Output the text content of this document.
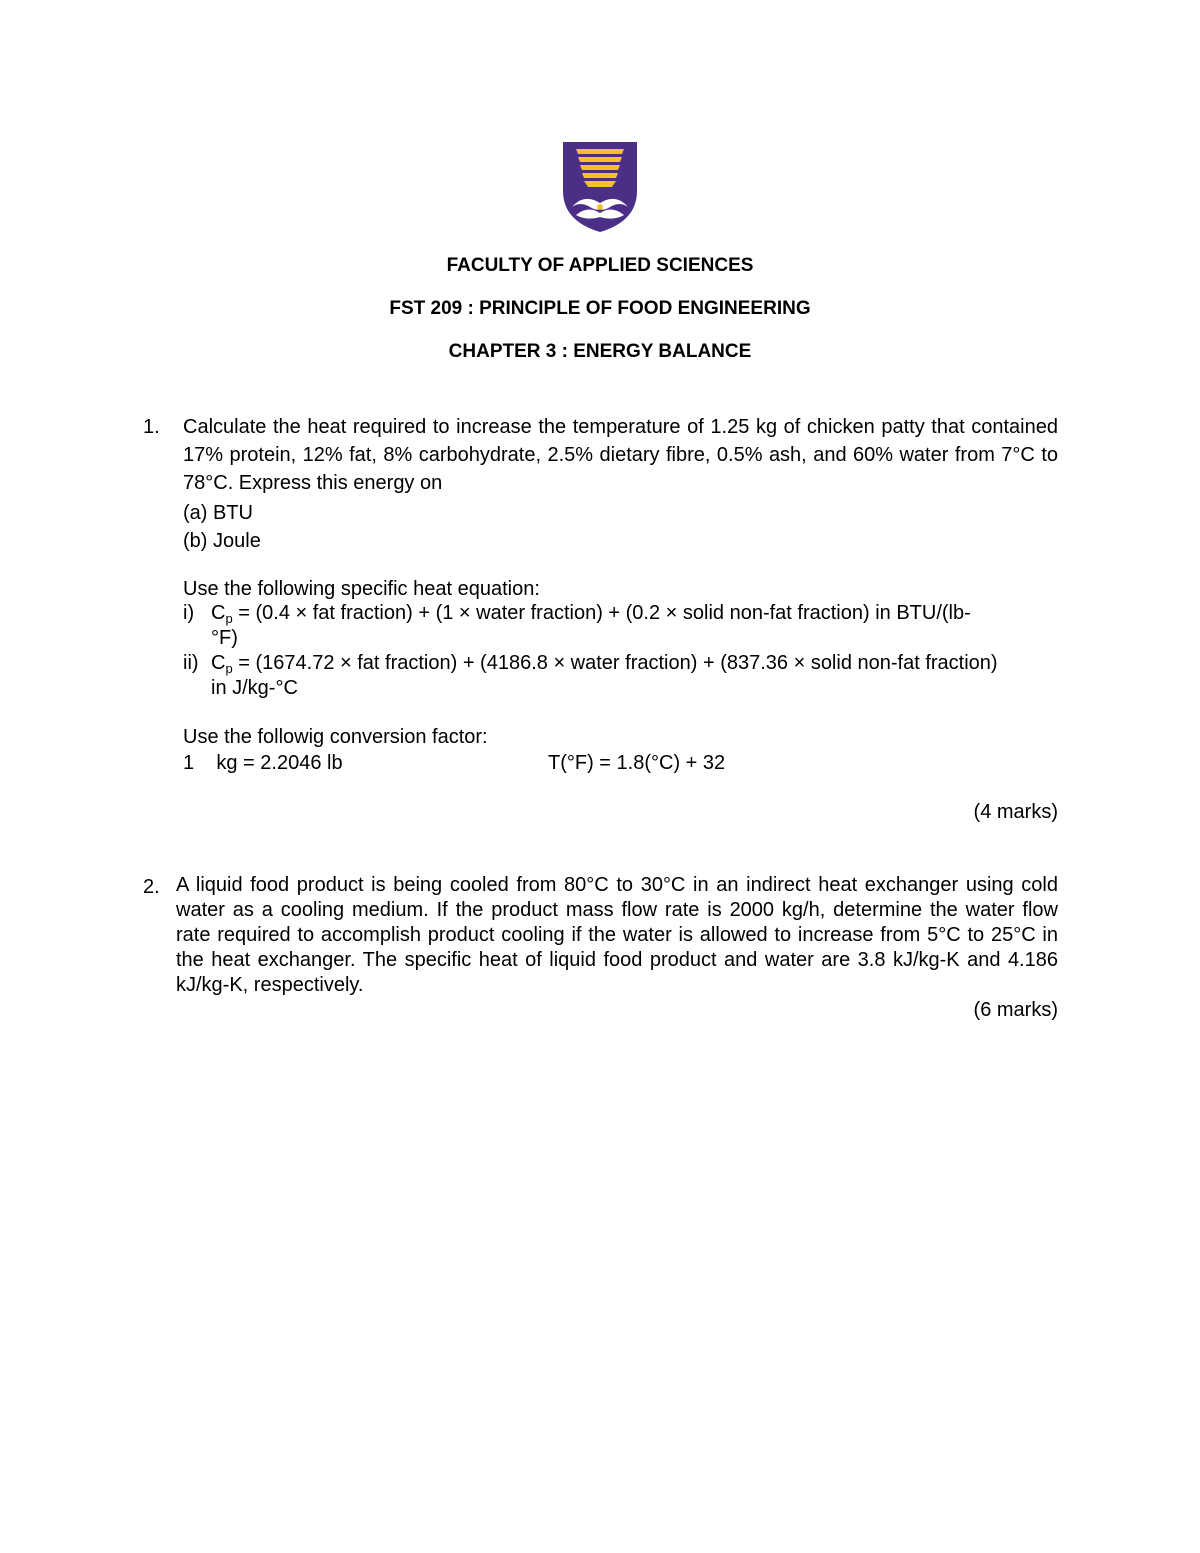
FACULTY OF APPLIED SCIENCES
FST 209 : PRINCIPLE OF FOOD ENGINEERING
CHAPTER 3 : ENERGY BALANCE
1. Calculate the heat required to increase the temperature of 1.25 kg of chicken patty that contained 17% protein, 12% fat, 8% carbohydrate, 2.5% dietary fibre, 0.5% ash, and 60% water from 7°C to 78°C. Express this energy on
(a) BTU
(b) Joule
Use the following specific heat equation:
i) $C_p = (0.4$ × fat fraction) + (1 × water fraction) + (0.2 × solid non-fat fraction) in BTU/(lb-
°F)
ii) $C_p = (1674.72$ × fat fraction) + (4186.8 × water fraction) + (837.36 × solid non-fat fraction)
in J/kg-°C
Use the followig conversion factor:
1    kg = 2.2046 lb	T(°F) = 1.8(°C) + 32
(4 marks)
2. A liquid food product is being cooled from 80°C to 30°C in an indirect heat exchanger using cold water as a cooling medium. If the product mass flow rate is 2000 kg/h, determine the water flow rate required to accomplish product cooling if the water is allowed to increase from 5°C to 25°C in the heat exchanger. The specific heat of liquid food product and water are 3.8 kJ/kg-K and 4.186 kJ/kg-K, respectively.
(6 marks)
